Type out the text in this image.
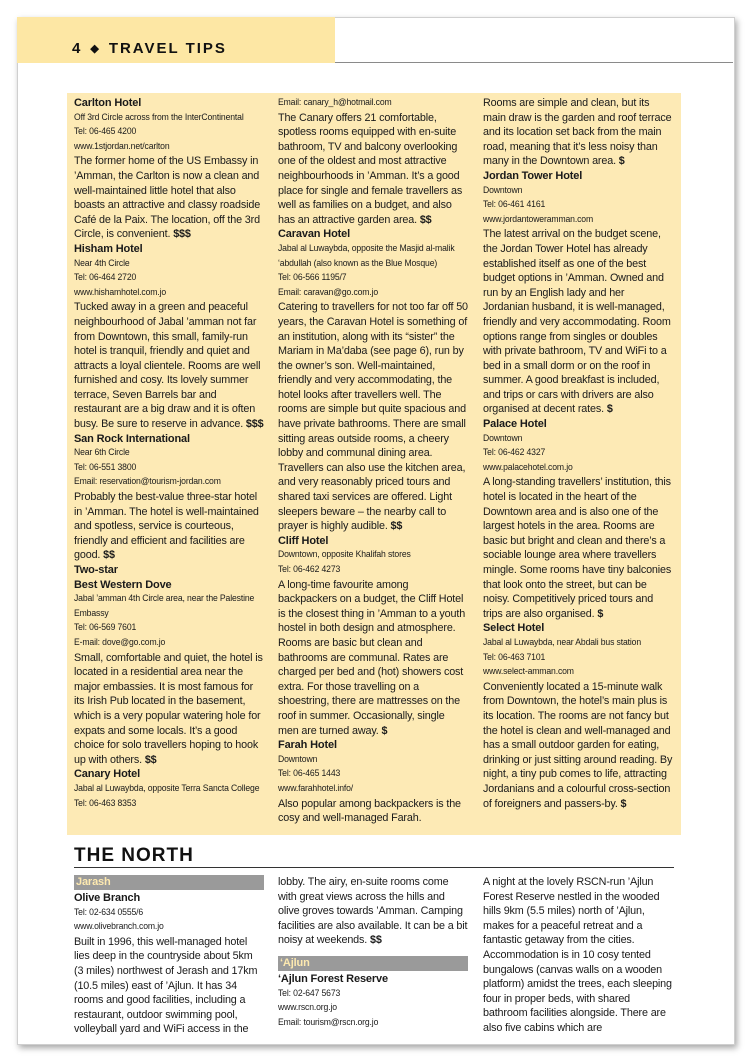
4 ◆ TRAVEL TIPS
Carlton Hotel
Off 3rd Circle across from the InterContinental
Tel: 06-465 4200
www.1stjordan.net/carlton
The former home of the US Embassy in ’Amman, the Carlton is now a clean and well-maintained little hotel that also boasts an attractive and classy roadside Café de la Paix. The location, off the 3rd Circle, is convenient. $$$
Hisham Hotel
Near 4th Circle
Tel: 06-464 2720
www.hishamhotel.com.jo
Tucked away in a green and peaceful neighbourhood of Jabal ’amman not far from Downtown, this small, family-run hotel is tranquil, friendly and quiet and attracts a loyal clientele. Rooms are well furnished and cosy. Its lovely summer terrace, Seven Barrels bar and restaurant are a big draw and it is often busy. Be sure to reserve in advance. $$$
San Rock International
Near 6th Circle
Tel: 06-551 3800
Email: reservation@tourism-jordan.com
Probably the best-value three-star hotel in ’Amman. The hotel is well-maintained and spotless, service is courteous, friendly and efficient and facilities are good. $$
Two-star
Best Western Dove
Jabal ’amman 4th Circle area, near the Palestine Embassy
Tel: 06-569 7601
E-mail: dove@go.com.jo
Small, comfortable and quiet, the hotel is located in a residential area near the major embassies. It is most famous for its Irish Pub located in the basement, which is a very popular watering hole for expats and some locals. It’s a good choice for solo travellers hoping to hook up with others. $$
Canary Hotel
Jabal al Luwaybda, opposite Terra Sancta College
Tel: 06-463 8353
Email: canary_h@hotmail.com
The Canary offers 21 comfortable, spotless rooms equipped with en-suite bathroom, TV and balcony overlooking one of the oldest and most attractive neighbourhoods in ’Amman. It’s a good place for single and female travellers as well as families on a budget, and also has an attractive garden area. $$
Caravan Hotel
Jabal al Luwaybda, opposite the Masjid al-malik ‘abdullah (also known as the Blue Mosque)
Tel: 06-566 1195/7
Email: caravan@go.com.jo
Catering to travellers for not too far off 50 years, the Caravan Hotel is something of an institution, along with its “sister” the Mariam in Ma’daba (see page 6), run by the owner’s son. Well-maintained, friendly and very accommodating, the hotel looks after travellers well. The rooms are simple but quite spacious and have private bathrooms. There are small sitting areas outside rooms, a cheery lobby and communal dining area. Travellers can also use the kitchen area, and very reasonably priced tours and shared taxi services are offered. Light sleepers beware – the nearby call to prayer is highly audible. $$
Cliff Hotel
Downtown, opposite Khalifah stores
Tel: 06-462 4273
A long-time favourite among backpackers on a budget, the Cliff Hotel is the closest thing in ’Amman to a youth hostel in both design and atmosphere. Rooms are basic but clean and bathrooms are communal. Rates are charged per bed and (hot) showers cost extra. For those travelling on a shoestring, there are mattresses on the roof in summer. Occasionally, single men are turned away. $
Farah Hotel
Downtown
Tel: 06-465 1443
www.farahhotel.info/
Also popular among backpackers is the cosy and well-managed Farah.
Rooms are simple and clean, but its main draw is the garden and roof terrace and its location set back from the main road, meaning that it’s less noisy than many in the Downtown area. $
Jordan Tower Hotel
Downtown
Tel: 06-461 4161
www.jordantoweramman.com
The latest arrival on the budget scene, the Jordan Tower Hotel has already established itself as one of the best budget options in ’Amman. Owned and run by an English lady and her Jordanian husband, it is well-managed, friendly and very accommodating. Room options range from singles or doubles with private bathroom, TV and WiFi to a bed in a small dorm or on the roof in summer. A good breakfast is included, and trips or cars with drivers are also organised at decent rates. $
Palace Hotel
Downtown
Tel: 06-462 4327
www.palacehotel.com.jo
A long-standing travellers’ institution, this hotel is located in the heart of the Downtown area and is also one of the largest hotels in the area. Rooms are basic but bright and clean and there’s a sociable lounge area where travellers mingle. Some rooms have tiny balconies that look onto the street, but can be noisy. Competitively priced tours and trips are also organised. $
Select Hotel
Jabal al Luwaybda, near Abdali bus station
Tel: 06-463 7101
www.select-amman.com
Conveniently located a 15-minute walk from Downtown, the hotel’s main plus is its location. The rooms are not fancy but the hotel is clean and well-managed and has a small outdoor garden for eating, drinking or just sitting around reading. By night, a tiny pub comes to life, attracting Jordanians and a colourful cross-section of foreigners and passers-by. $
THE NORTH
Jarash
Olive Branch
Tel: 02-634 0555/6
www.olivebranch.com.jo
Built in 1996, this well-managed hotel lies deep in the countryside about 5km (3 miles) northwest of Jerash and 17km (10.5 miles) east of ’Ajlun. It has 34 rooms and good facilities, including a restaurant, outdoor swimming pool, volleyball yard and WiFi access in the
lobby. The airy, en-suite rooms come with great views across the hills and olive groves towards ’Amman. Camping facilities are also available. It can be a bit noisy at weekends. $$
‘Ajlun
‘Ajlun Forest Reserve
Tel: 02-647 5673
www.rscn.org.jo
Email: tourism@rscn.org.jo
A night at the lovely RSCN-run ’Ajlun Forest Reserve nestled in the wooded hills 9km (5.5 miles) north of ’Ajlun, makes for a peaceful retreat and a fantastic getaway from the cities. Accommodation is in 10 cosy tented bungalows (canvas walls on a wooden platform) amidst the trees, each sleeping four in proper beds, with shared bathroom facilities alongside. There are also five cabins which are
